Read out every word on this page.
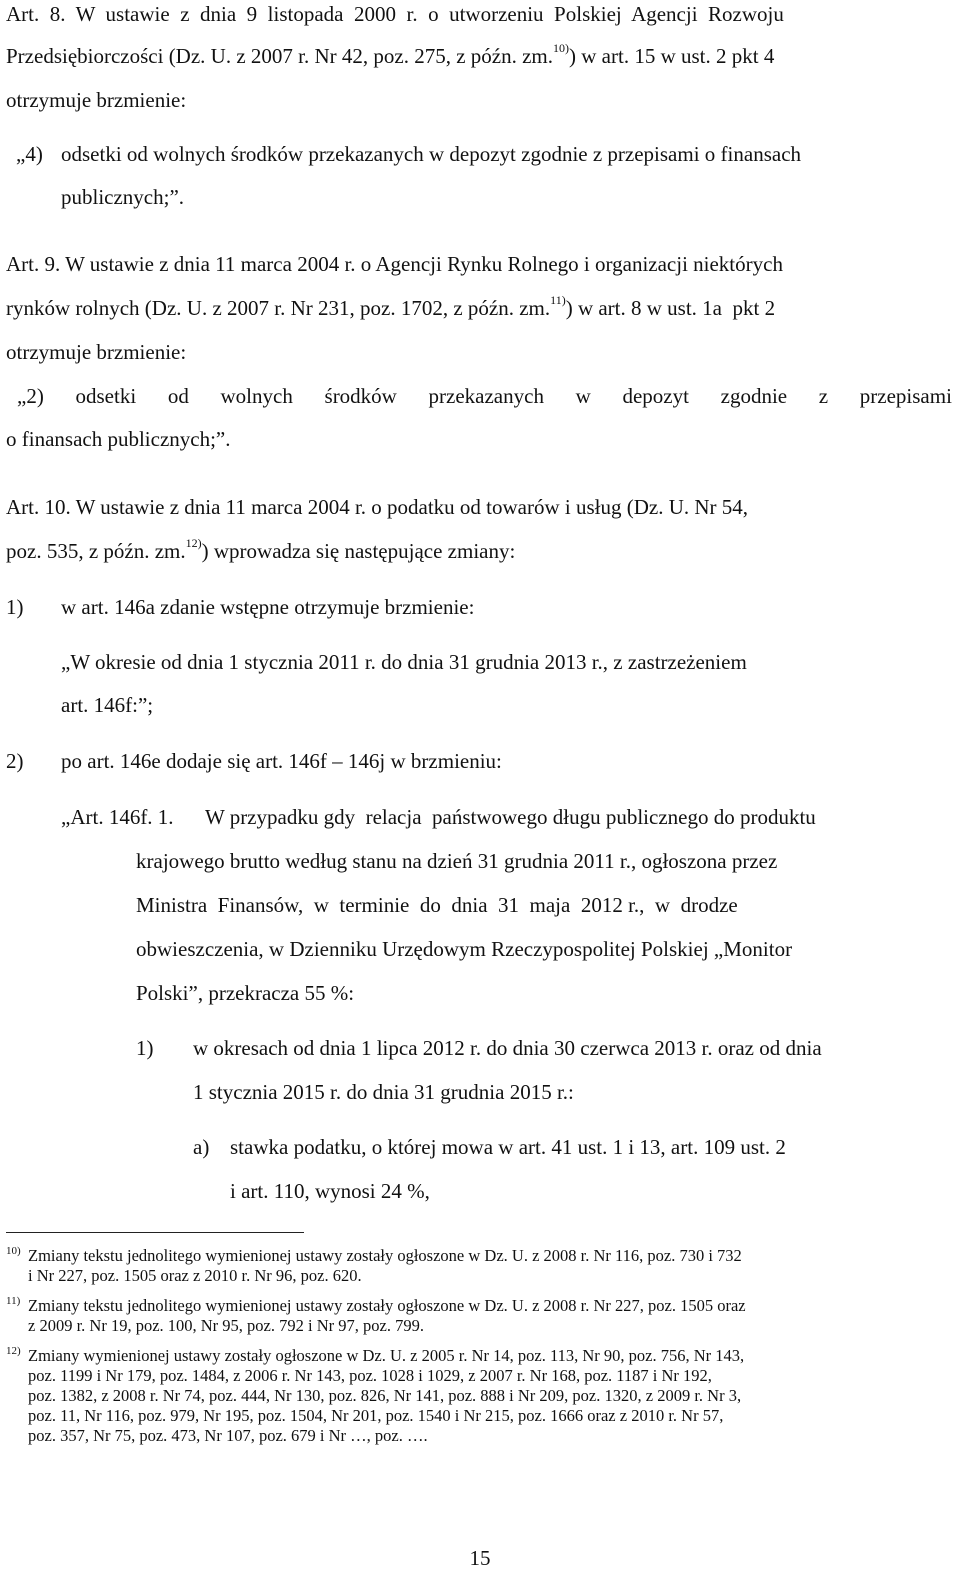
Art.  8.  W  ustawie  z  dnia  9  listopada  2000  r.  o  utworzeniu  Polskiej  Agencji  Rozwoju
Przedsiębiorczości (Dz. U. z 2007 r. Nr 42, poz. 275, z późn. zm.$^{10)}$) w art. 15 w ust. 2 pkt 4
otrzymuje brzmienie:
„4) odsetki od wolnych środków przekazanych w depozyt zgodnie z przepisami o finansach
publicznych;”.
Art. 9. W ustawie z dnia 11 marca 2004 r. o Agencji Rynku Rolnego i organizacji niektórych
rynków rolnych (Dz. U. z 2007 r. Nr 231, poz. 1702, z późn. zm.$^{11)}$) w art. 8 w ust. 1a  pkt 2
otrzymuje brzmienie:
„2) odsetki od wolnych środków przekazanych w depozyt zgodnie z przepisami
o finansach publicznych;”.
Art. 10. W ustawie z dnia 11 marca 2004 r. o podatku od towarów i usług (Dz. U. Nr 54,
poz. 535, z późn. zm.$^{12)}$) wprowadza się następujące zmiany:
1) w art. 146a zdanie wstępne otrzymuje brzmienie:
„W okresie od dnia 1 stycznia 2011 r. do dnia 31 grudnia 2013 r., z zastrzeżeniem
art. 146f:”;
2) po art. 146e dodaje się art. 146f – 146j w brzmieniu:
„Art. 146f. 1. W przypadku gdy  relacja  państwowego długu publicznego do produktu
krajowego brutto według stanu na dzień 31 grudnia 2011 r., ogłoszona przez
Ministra  Finansów,  w  terminie  do  dnia  31  maja  2012 r.,  w  drodze
obwieszczenia, w Dzienniku Urzędowym Rzeczypospolitej Polskiej „Monitor
Polski”, przekracza 55 %:
1) w okresach od dnia 1 lipca 2012 r. do dnia 30 czerwca 2013 r. oraz od dnia
1 stycznia 2015 r. do dnia 31 grudnia 2015 r.:
a) stawka podatku, o której mowa w art. 41 ust. 1 i 13, art. 109 ust. 2
i art. 110, wynosi 24 %,
10) Zmiany tekstu jednolitego wymienionej ustawy zostały ogłoszone w Dz. U. z 2008 r. Nr 116, poz. 730 i 732
i Nr 227, poz. 1505 oraz z 2010 r. Nr 96, poz. 620.
11) Zmiany tekstu jednolitego wymienionej ustawy zostały ogłoszone w Dz. U. z 2008 r. Nr 227, poz. 1505 oraz
z 2009 r. Nr 19, poz. 100, Nr 95, poz. 792 i Nr 97, poz. 799.
12) Zmiany wymienionej ustawy zostały ogłoszone w Dz. U. z 2005 r. Nr 14, poz. 113, Nr 90, poz. 756, Nr 143,
poz. 1199 i Nr 179, poz. 1484, z 2006 r. Nr 143, poz. 1028 i 1029, z 2007 r. Nr 168, poz. 1187 i Nr 192,
poz. 1382, z 2008 r. Nr 74, poz. 444, Nr 130, poz. 826, Nr 141, poz. 888 i Nr 209, poz. 1320, z 2009 r. Nr 3,
poz. 11, Nr 116, poz. 979, Nr 195, poz. 1504, Nr 201, poz. 1540 i Nr 215, poz. 1666 oraz z 2010 r. Nr 57,
poz. 357, Nr 75, poz. 473, Nr 107, poz. 679 i Nr …, poz. ….
15
